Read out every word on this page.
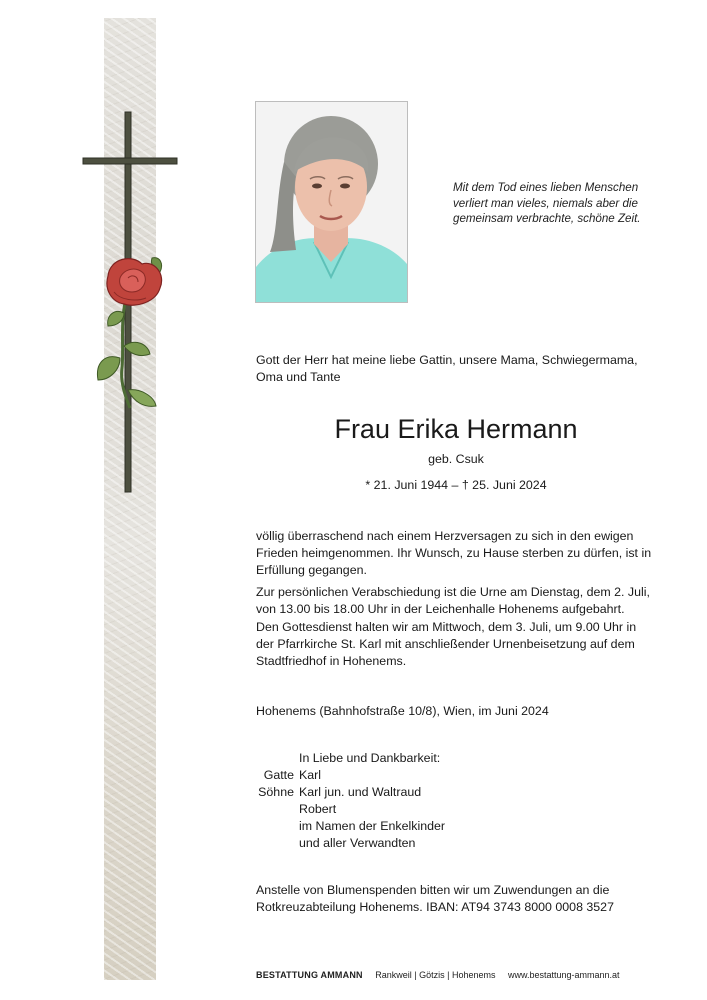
Mit dem Tod eines lieben Menschen
verliert man vieles, niemals aber die
gemeinsam verbrachte, schöne Zeit.
Gott der Herr hat meine liebe Gattin, unsere Mama, Schwiegermama,
Oma und Tante
Frau Erika Hermann
geb. Csuk
* 21. Juni 1944 – † 25. Juni 2024
völlig überraschend nach einem Herzversagen zu sich in den ewigen
Frieden heimgenommen. Ihr Wunsch, zu Hause sterben zu dürfen, ist in
Erfüllung gegangen.
Zur persönlichen Verabschiedung ist die Urne am Dienstag, dem 2. Juli,
von 13.00 bis 18.00 Uhr in der Leichenhalle Hohenems aufgebahrt.
Den Gottesdienst halten wir am Mittwoch, dem 3. Juli, um 9.00 Uhr in
der Pfarrkirche St. Karl mit anschließender Urnenbeisetzung auf dem
Stadtfriedhof in Hohenems.
Hohenems (Bahnhofstraße 10/8), Wien, im Juni 2024
In Liebe und Dankbarkeit:
Gatte Karl
Söhne Karl jun. und Waltraud
Robert
im Namen der Enkelkinder
und aller Verwandten
Anstelle von Blumenspenden bitten wir um Zuwendungen an die
Rotkreuzabteilung Hohenems. IBAN: AT94 3743 8000 0008 3527
BESTATTUNG AMMANN Rankweil | Götzis | Hohenems www.bestattung-ammann.at
